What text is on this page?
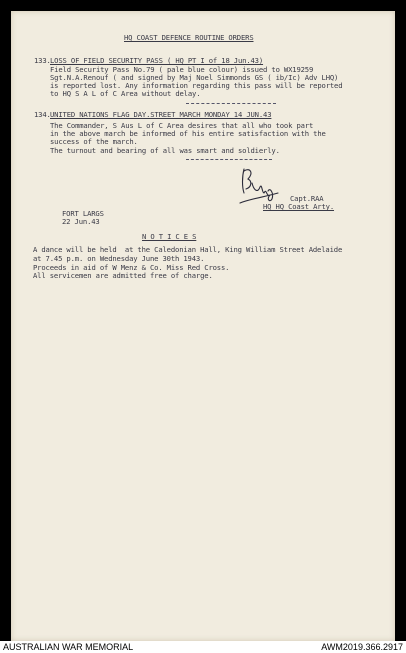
HQ COAST DEFENCE ROUTINE ORDERS
133. LOSS OF FIELD SECURITY PASS ( HQ PT I of 18 Jun.43)
Field Security Pass No.79 ( pale blue colour) issued to WX19259
Sgt.N.A.Renouf ( and signed by Maj Noel Simmonds GS ( ib/Ic) Adv LHQ)
is reported lost. Any information regarding this pass will be reported
to HQ S A L of C Area without delay.
134. UNITED NATIONS FLAG DAY.STREET MARCH MONDAY 14 JUN.43
The Commander, S Aus L of C Area desires that all who took part
in the above march be informed of his entire satisfaction with the
success of the march.
The turnout and bearing of all was smart and soldierly.
Capt.RAA
HQ HQ Coast Arty.
FORT LARGS
22 Jun.43
N O T I C E S
A dance will be held  at the Caledonian Hall, King William Street Adelaide
at 7.45 p.m. on Wednesday June 30th 1943.
Proceeds in aid of W Menz & Co. Miss Red Cross.
All servicemen are admitted free of charge.
AUSTRALIAN WAR MEMORIAL	AWM2019.366.2917
